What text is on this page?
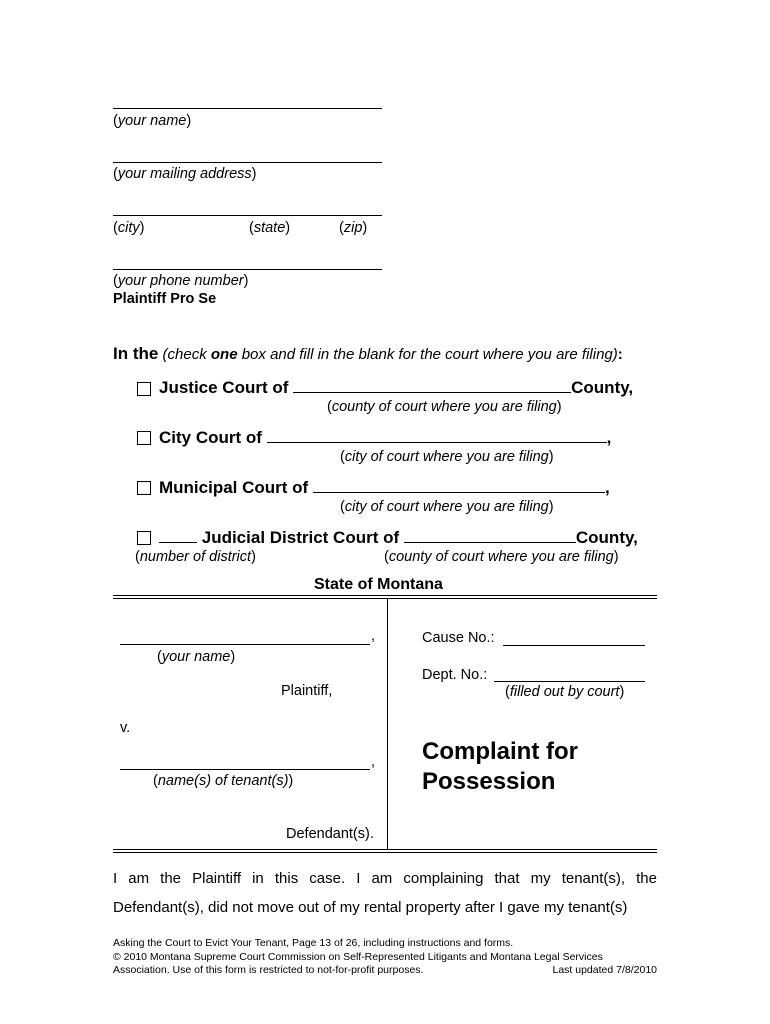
(your name)
(your mailing address)
(city)	(state)	(zip)
(your phone number)
Plaintiff Pro Se
In the (check one box and fill in the blank for the court where you are filing):
Justice Court of	County,
(county of court where you are filing)
City Court of	,
(city of court where you are filing)
Municipal Court of	,
(city of court where you are filing)
Judicial District Court of	County,
(number of district)	(county of court where you are filing)
State of Montana
,
(your name)
Plaintiff,
v.
,
(name(s) of tenant(s))
Defendant(s).
Cause No.:
Dept. No.:
(filled out by court)
Complaint for
Possession
I am the Plaintiff in this case. I am complaining that my tenant(s), the Defendant(s), did not move out of my rental property after I gave my tenant(s)
Asking the Court to Evict Your Tenant, Page 13 of 26, including instructions and forms.
© 2010 Montana Supreme Court Commission on Self-Represented Litigants and Montana Legal Services
Association. Use of this form is restricted to not-for-profit purposes.	Last updated 7/8/2010
